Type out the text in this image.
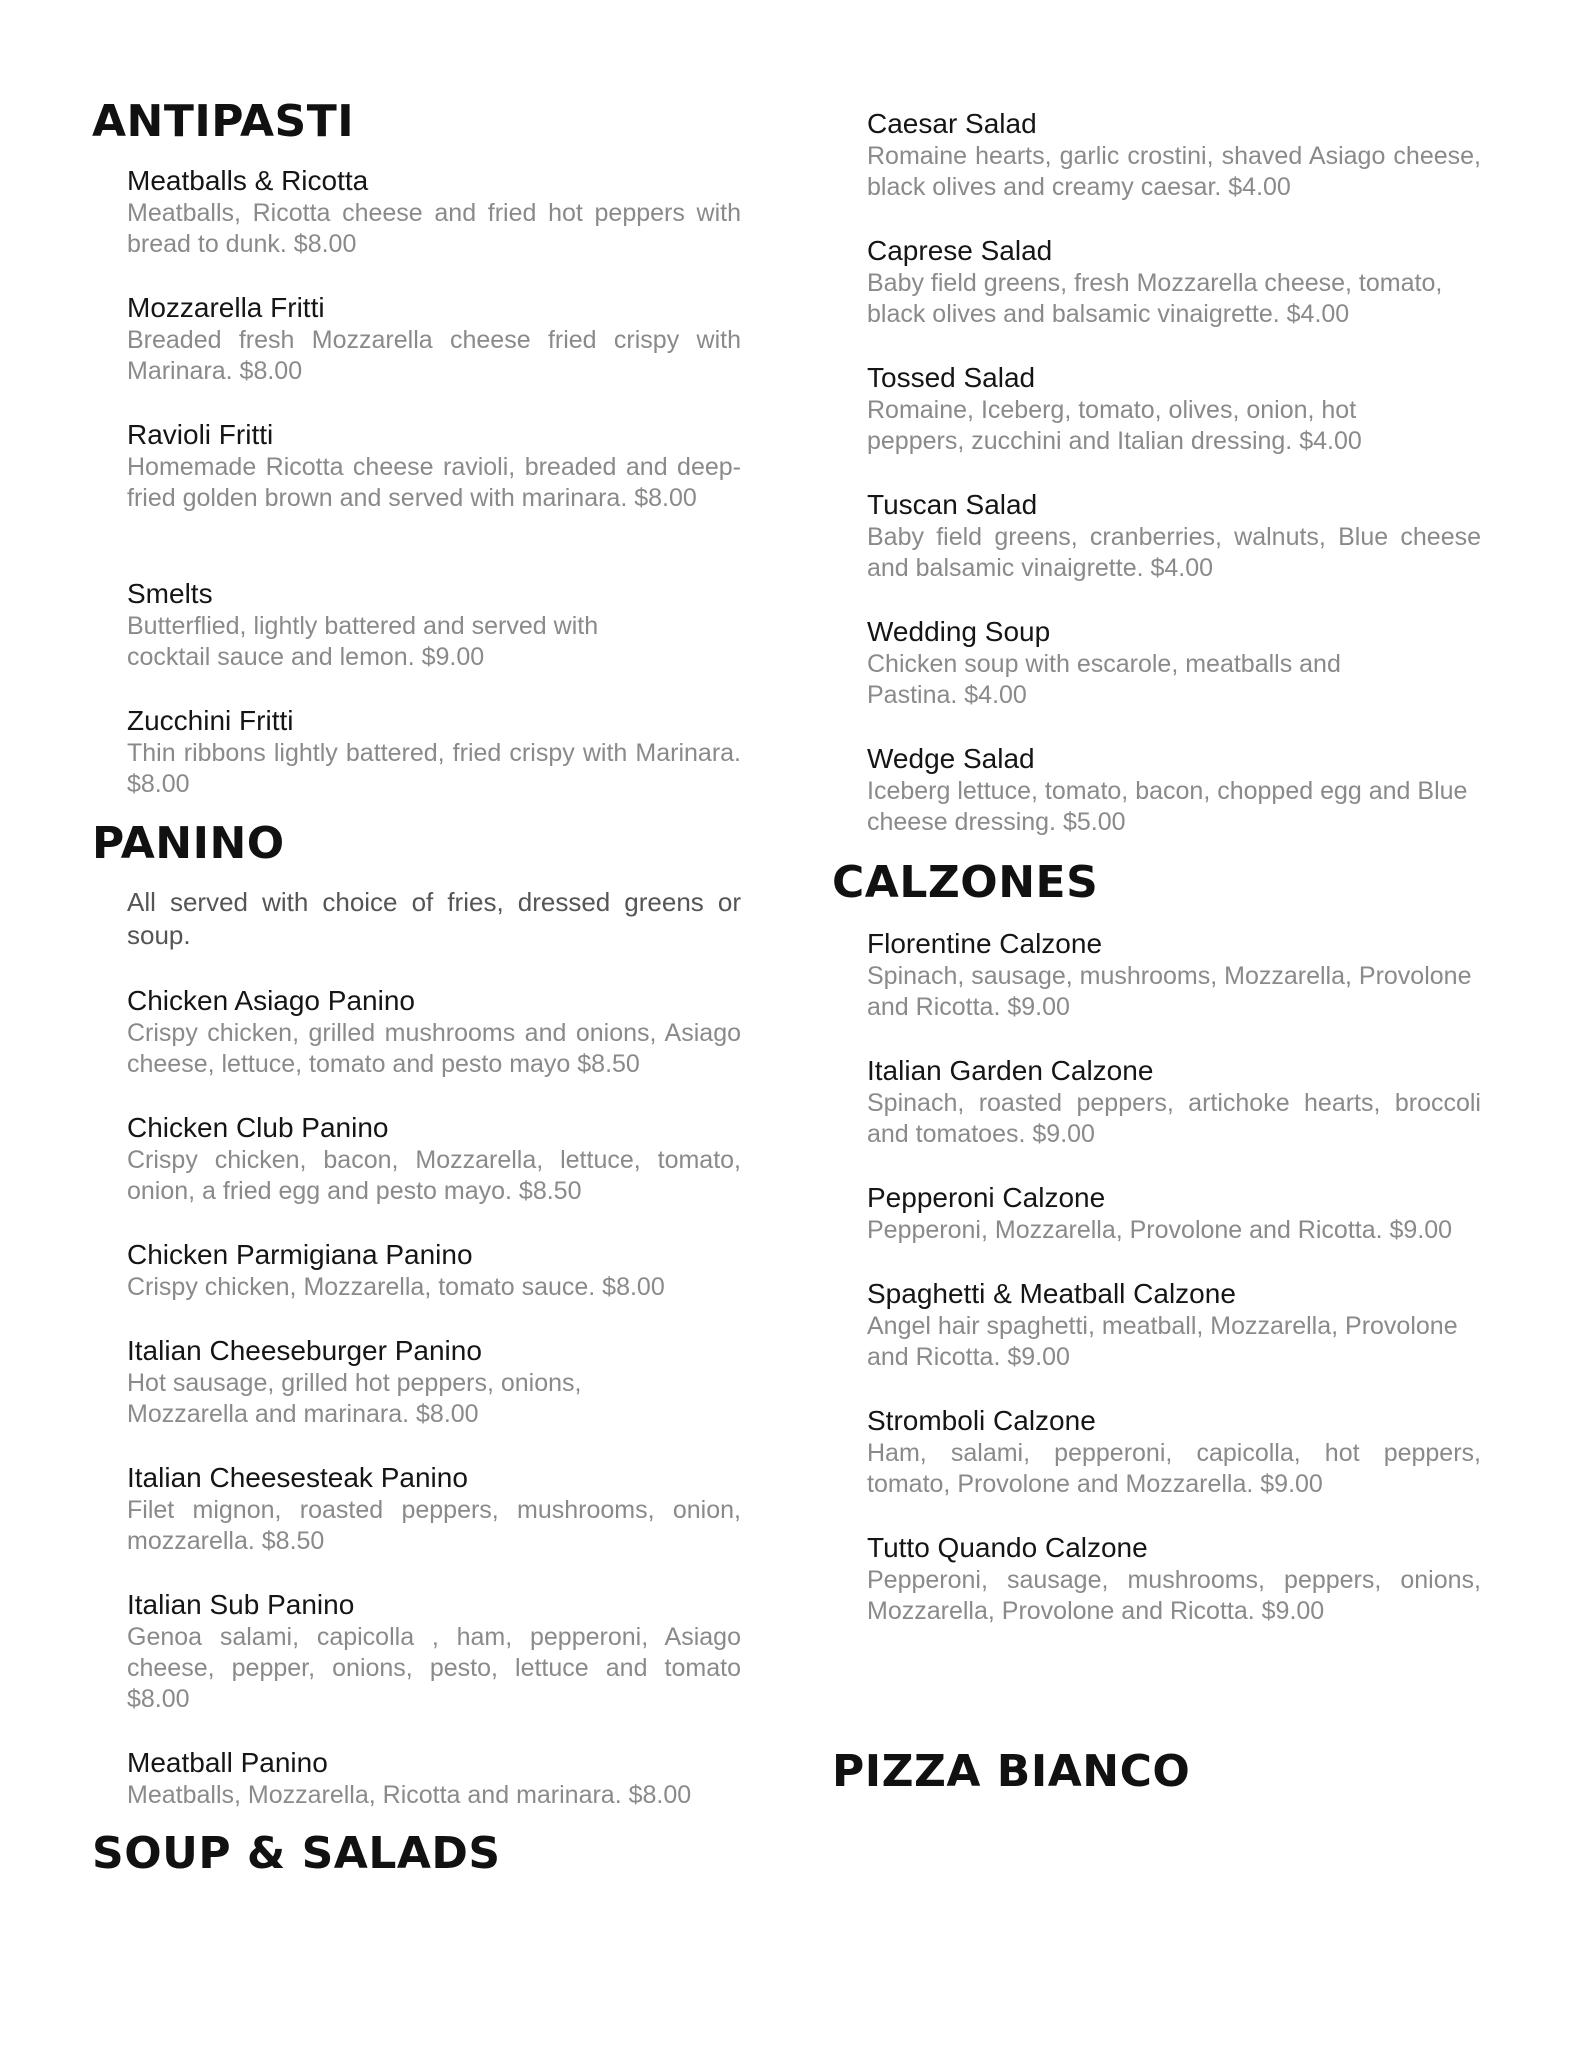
ANTIPASTI

Meatballs & Ricotta

Meatballs, Ricotta cheese and fried hot peppers with bread to dunk. $8.00

Mozzarella Fritti

Breaded fresh Mozzarella cheese fried crispy with Marinara. $8.00

Ravioli Fritti

Homemade Ricotta cheese ravioli, breaded and deep-fried golden brown and served with marinara. $8.00

Smelts

Butterflied, lightly battered and served with cocktail sauce and lemon. $9.00

Zucchini Fritti

Thin ribbons lightly battered, fried crispy with Marinara. $8.00

PANINO

All served with choice of fries, dressed greens or soup.

Chicken Asiago Panino

Crispy chicken, grilled mushrooms and onions, Asiago cheese, lettuce, tomato and pesto mayo $8.50

Chicken Club Panino

Crispy chicken, bacon, Mozzarella, lettuce, tomato, onion, a fried egg and pesto mayo. $8.50

Chicken Parmigiana Panino

Crispy chicken, Mozzarella, tomato sauce. $8.00

Italian Cheeseburger Panino

Hot sausage, grilled hot peppers, onions, Mozzarella and marinara. $8.00

Italian Cheesesteak Panino

Filet mignon, roasted peppers, mushrooms, onion, mozzarella. $8.50

Italian Sub Panino

Genoa salami, capicolla , ham, pepperoni, Asiago cheese, pepper, onions, pesto, lettuce and tomato $8.00

Meatball Panino

Meatballs, Mozzarella, Ricotta and marinara. $8.00

SOUP & SALADS

Caesar Salad

Romaine hearts, garlic crostini, shaved Asiago cheese, black olives and creamy caesar. $4.00

Caprese Salad

Baby field greens, fresh Mozzarella cheese, tomato, black olives and balsamic vinaigrette. $4.00

Tossed Salad

Romaine, Iceberg, tomato, olives, onion, hot peppers, zucchini and Italian dressing. $4.00

Tuscan Salad

Baby field greens, cranberries, walnuts, Blue cheese and balsamic vinaigrette. $4.00

Wedding Soup

Chicken soup with escarole, meatballs and Pastina. $4.00

Wedge Salad

Iceberg lettuce, tomato, bacon, chopped egg and Blue cheese dressing. $5.00

CALZONES

Florentine Calzone

Spinach, sausage, mushrooms, Mozzarella, Provolone and Ricotta. $9.00

Italian Garden Calzone

Spinach, roasted peppers, artichoke hearts, broccoli and tomatoes. $9.00

Pepperoni Calzone

Pepperoni, Mozzarella, Provolone and Ricotta. $9.00

Spaghetti & Meatball Calzone

Angel hair spaghetti, meatball, Mozzarella, Provolone and Ricotta. $9.00

Stromboli Calzone

Ham, salami, pepperoni, capicolla, hot peppers, tomato, Provolone and Mozzarella. $9.00

Tutto Quando Calzone

Pepperoni, sausage, mushrooms, peppers, onions, Mozzarella, Provolone and Ricotta. $9.00

PIZZA BIANCO
